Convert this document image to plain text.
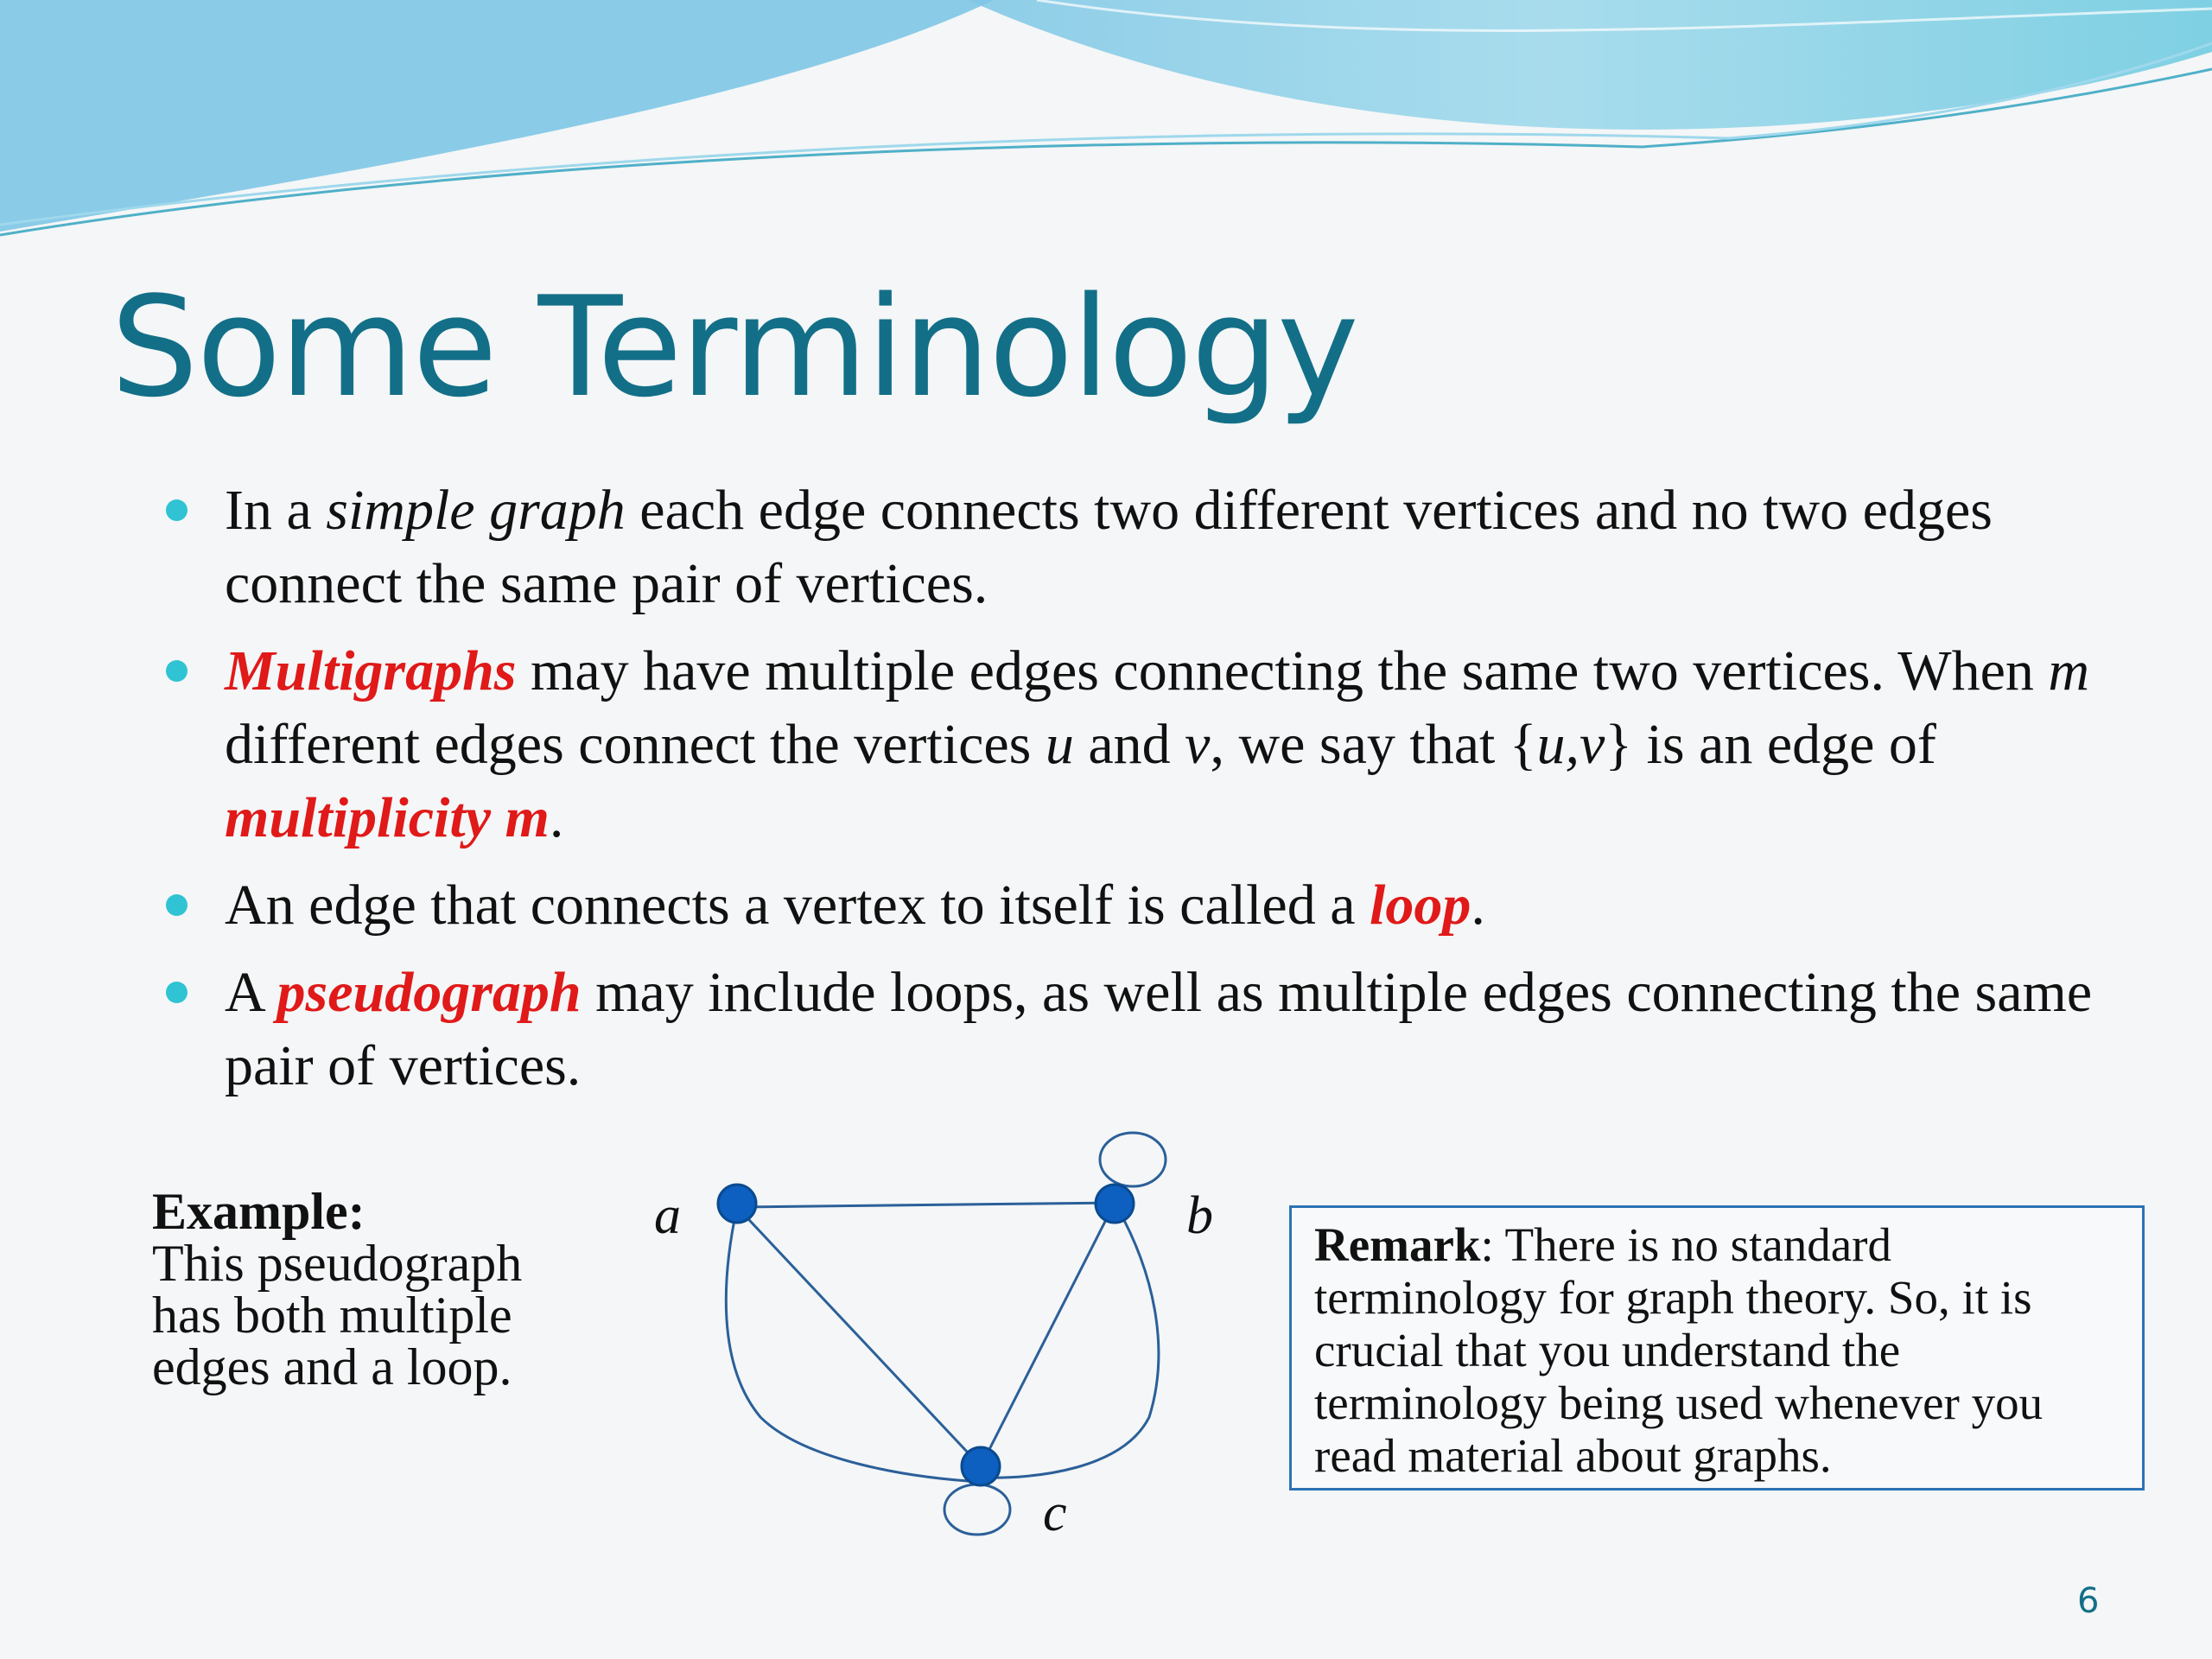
Some Terminology
In a simple graph each edge connects two different vertices and no two edges connect the same pair of vertices.
Multigraphs may have multiple edges connecting the same two vertices. When m different edges connect the vertices u and v, we say that {u,v} is an edge of multiplicity m.
An edge that connects a vertex to itself is called a loop.
A pseudograph may include loops, as well as multiple edges connecting the same pair of vertices.
Example:
This pseudograph
has both multiple
edges and a loop.
a	b
c
Remark: There is no standard
terminology for graph theory. So, it is
crucial that you understand the
terminology being used whenever you
read material about graphs.
6
